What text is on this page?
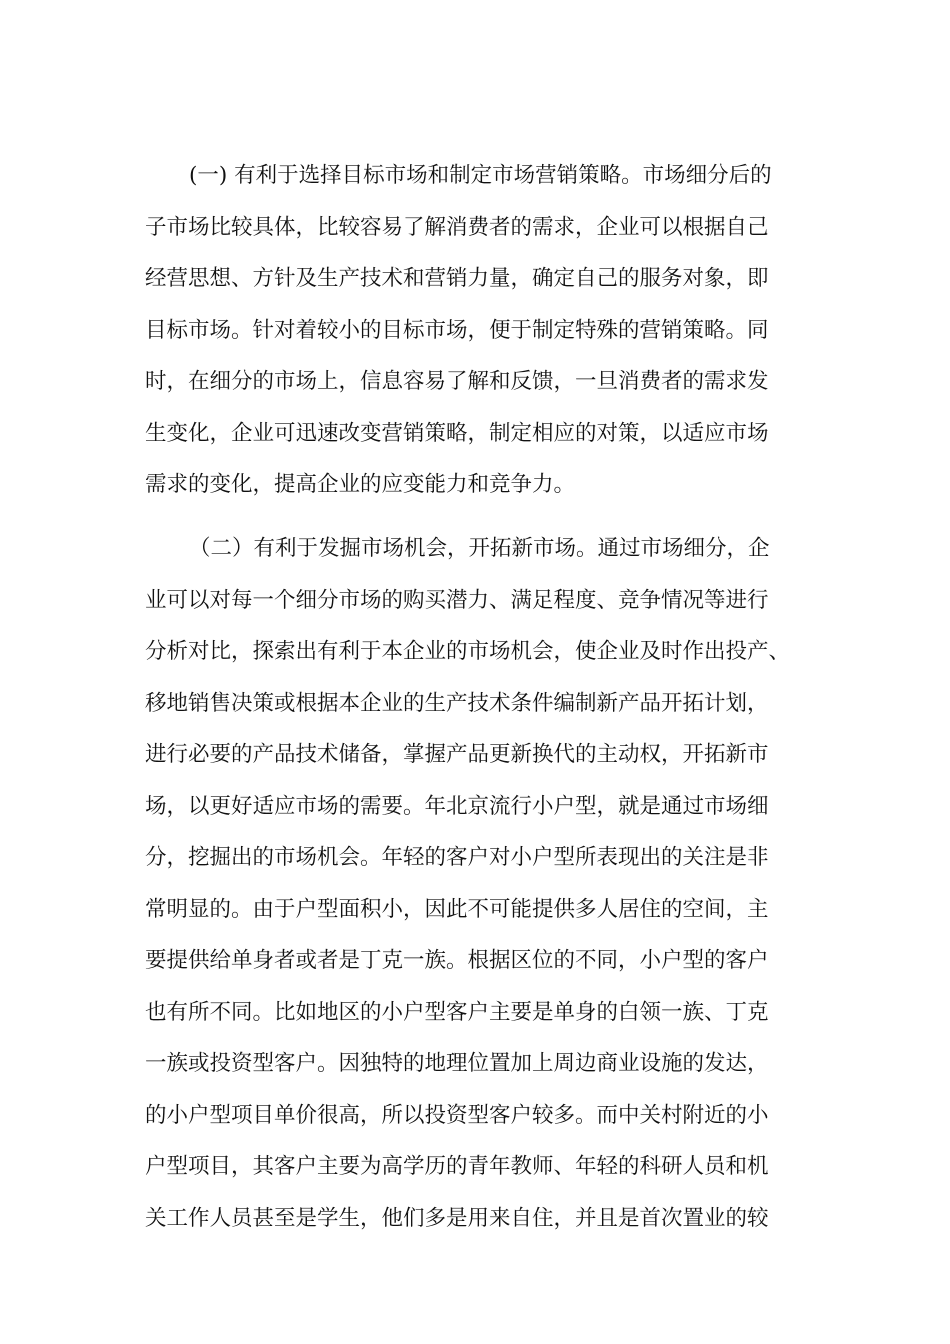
(一) 有利于选择目标市场和制定市场营销策略。市场细分后的
子市场比较具体，比较容易了解消费者的需求，企业可以根据自己
经营思想、方针及生产技术和营销力量，确定自己的服务对象，即
目标市场。针对着较小的目标市场，便于制定特殊的营销策略。同
时，在细分的市场上，信息容易了解和反馈，一旦消费者的需求发
生变化，企业可迅速改变营销策略，制定相应的对策，以适应市场
需求的变化，提高企业的应变能力和竞争力。
（二）有利于发掘市场机会，开拓新市场。通过市场细分，企
业可以对每一个细分市场的购买潜力、满足程度、竞争情况等进行
分析对比，探索出有利于本企业的市场机会，使企业及时作出投产、
移地销售决策或根据本企业的生产技术条件编制新产品开拓计划，
进行必要的产品技术储备，掌握产品更新换代的主动权，开拓新市
场，以更好适应市场的需要。年北京流行小户型，就是通过市场细
分，挖掘出的市场机会。年轻的客户对小户型所表现出的关注是非
常明显的。由于户型面积小，因此不可能提供多人居住的空间，主
要提供给单身者或者是丁克一族。根据区位的不同，小户型的客户
也有所不同。比如地区的小户型客户主要是单身的白领一族、丁克
一族或投资型客户。因独特的地理位置加上周边商业设施的发达，
的小户型项目单价很高，所以投资型客户较多。而中关村附近的小
户型项目，其客户主要为高学历的青年教师、年轻的科研人员和机
关工作人员甚至是学生，他们多是用来自住，并且是首次置业的较
